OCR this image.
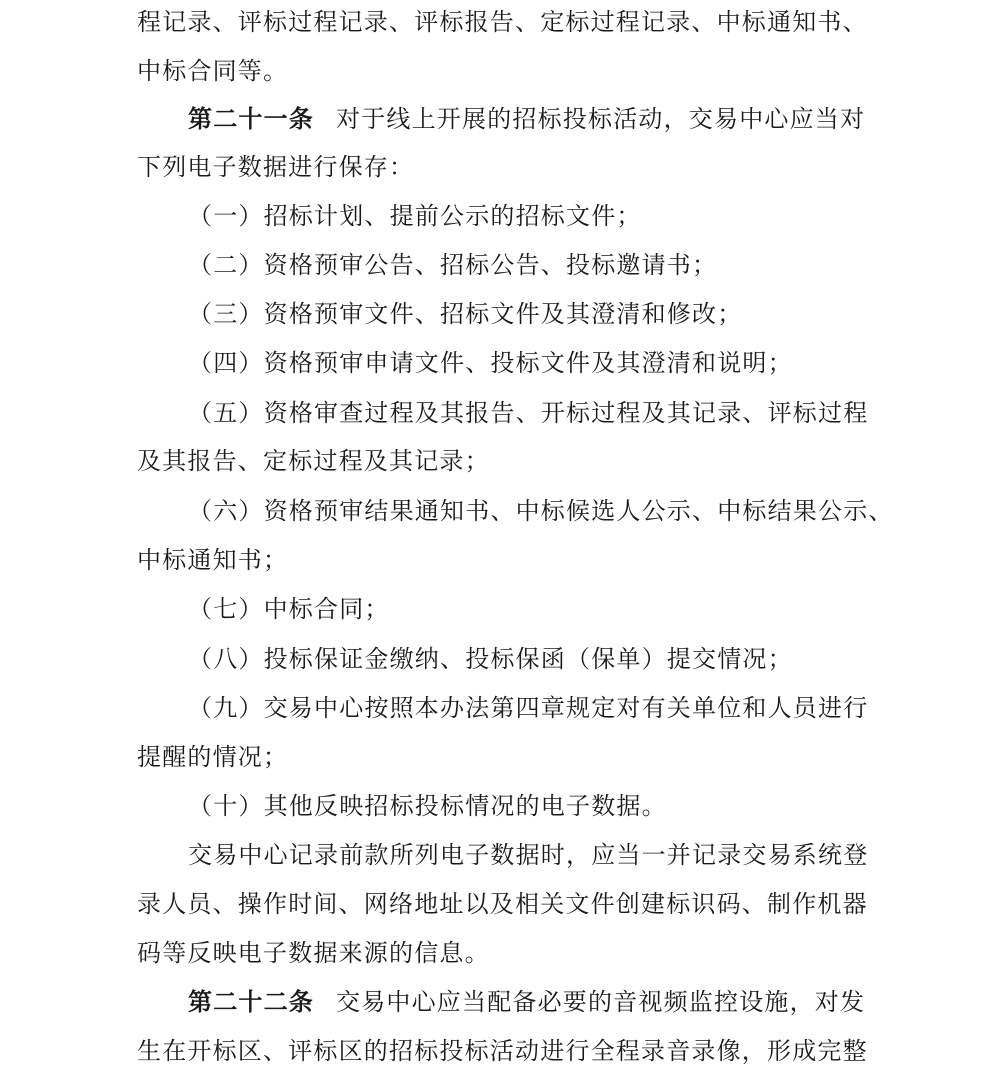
程记录、评标过程记录、评标报告、定标过程记录、中标通知书、
中标合同等。
第二十一条 对于线上开展的招标投标活动，交易中心应当对
下列电子数据进行保存：
（一）招标计划、提前公示的招标文件；
（二）资格预审公告、招标公告、投标邀请书；
（三）资格预审文件、招标文件及其澄清和修改；
（四）资格预审申请文件、投标文件及其澄清和说明；
（五）资格审查过程及其报告、开标过程及其记录、评标过程
及其报告、定标过程及其记录；
（六）资格预审结果通知书、中标候选人公示、中标结果公示、
中标通知书；
（七）中标合同；
（八）投标保证金缴纳、投标保函（保单）提交情况；
（九）交易中心按照本办法第四章规定对有关单位和人员进行
提醒的情况；
（十）其他反映招标投标情况的电子数据。
交易中心记录前款所列电子数据时，应当一并记录交易系统登
录人员、操作时间、网络地址以及相关文件创建标识码、制作机器
码等反映电子数据来源的信息。
第二十二条 交易中心应当配备必要的音视频监控设施，对发
生在开标区、评标区的招标投标活动进行全程录音录像，形成完整
